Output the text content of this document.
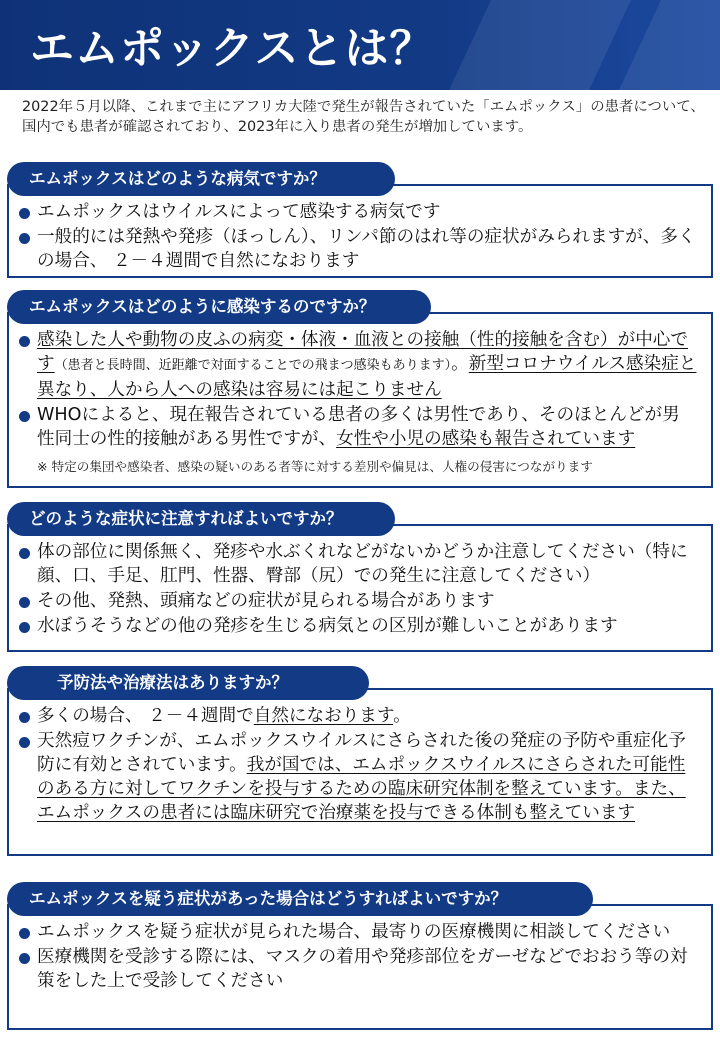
エムポックスとは？

2022年５月以降、これまで主にアフリカ大陸で発生が報告されていた「エムポックス」の患者について、国内でも患者が確認されており、2023年に入り患者の発生が増加しています。

エムポックスはどのような病気ですか？
エムポックスはウイルスによって感染する病気です
一般的には発熱や発疹（ほっしん）、リンパ節のはれ等の症状がみられますが、多くの場合、 ２－４週間で自然になおります
エムポックスはどのように感染するのですか？
感染した人や動物の皮ふの病変・体液・血液との接触（性的接触を含む）が中心です（患者と長時間、近距離で対面することでの飛まつ感染もあります）。新型コロナウイルス感染症と異なり、人から人への感染は容易には起こりません
WHOによると、現在報告されている患者の多くは男性であり、そのほとんどが男性同士の性的接触がある男性ですが、女性や小児の感染も報告されています

※ 特定の集団や感染者、感染の疑いのある者等に対する差別や偏見は、人権の侵害につながります

どのような症状に注意すればよいですか？
体の部位に関係無く、発疹や水ぶくれなどがないかどうか注意してください（特に顔、口、手足、肛門、性器、臀部（尻）での発生に注意してください）
その他、発熱、頭痛などの症状が見られる場合があります
水ぼうそうなどの他の発疹を生じる病気との区別が難しいことがあります
予防法や治療法はありますか？
多くの場合、 ２－４週間で自然になおります。
天然痘ワクチンが、エムポックスウイルスにさらされた後の発症の予防や重症化予防に有効とされています。我が国では、エムポックスウイルスにさらされた可能性のある方に対してワクチンを投与するための臨床研究体制を整えています。また、エムポックスの患者には臨床研究で治療薬を投与できる体制も整えています
エムポックスを疑う症状があった場合はどうすればよいですか？
エムポックスを疑う症状が見られた場合、最寄りの医療機関に相談してください
医療機関を受診する際には、マスクの着用や発疹部位をガーゼなどでおおう等の対策をした上で受診してください
